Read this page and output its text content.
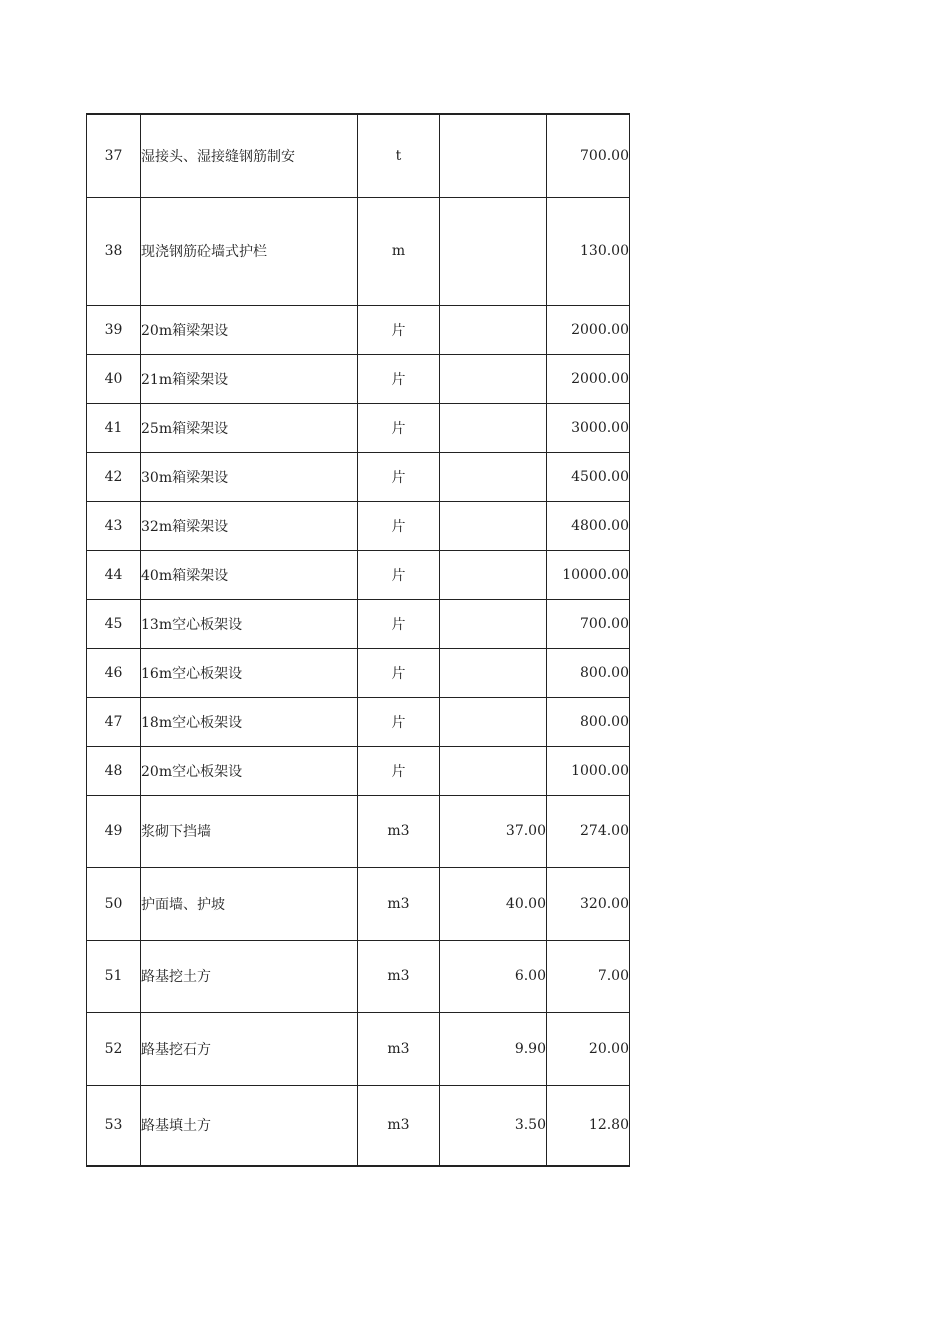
37	湿接头、湿接缝钢筋制安	t		700.00
38	现浇钢筋砼墙式护栏	m		130.00
39	20m箱梁架设	片		2000.00
40	21m箱梁架设	片		2000.00
41	25m箱梁架设	片		3000.00
42	30m箱梁架设	片		4500.00
43	32m箱梁架设	片		4800.00
44	40m箱梁架设	片		10000.00
45	13m空心板架设	片		700.00
46	16m空心板架设	片		800.00
47	18m空心板架设	片		800.00
48	20m空心板架设	片		1000.00
49	浆砌下挡墙	m3	37.00	274.00
50	护面墙、护坡	m3	40.00	320.00
51	路基挖土方	m3	6.00	7.00
52	路基挖石方	m3	9.90	20.00
53	路基填土方	m3	3.50	12.80
